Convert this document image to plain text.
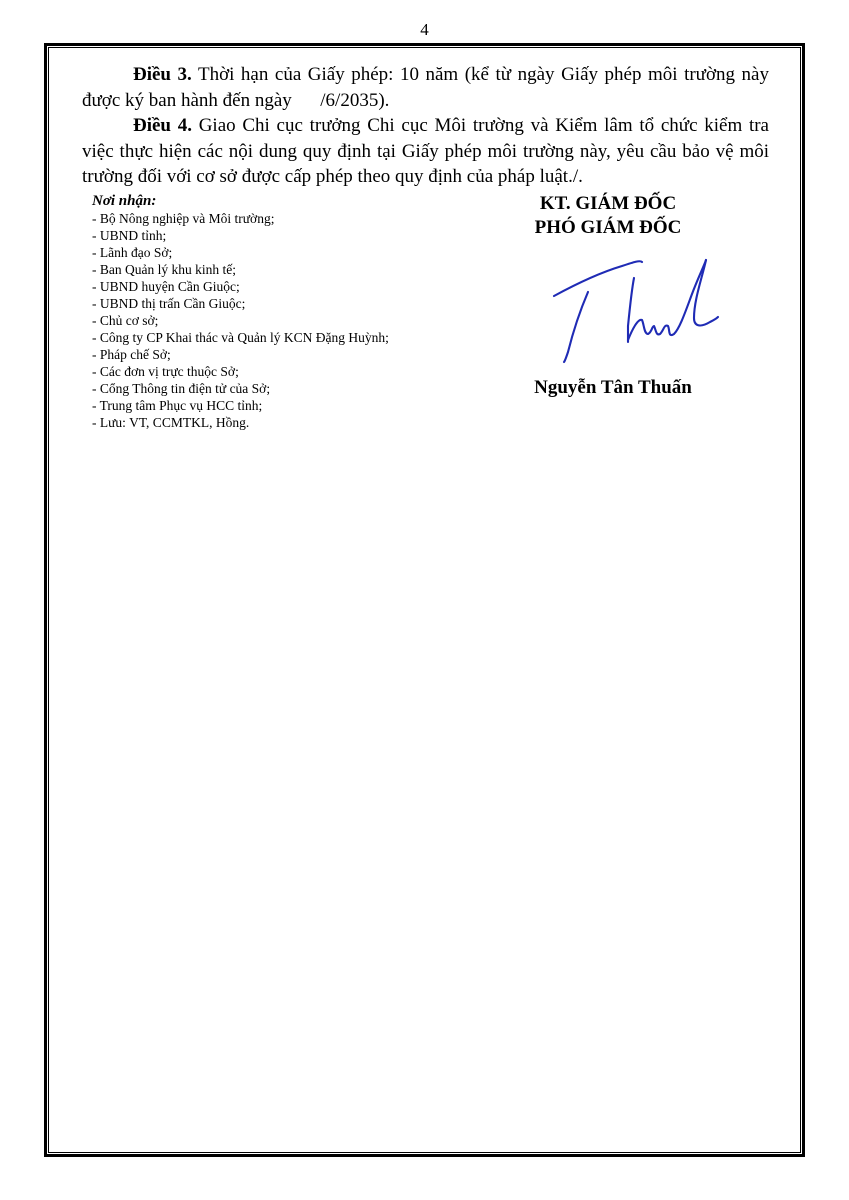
4

Điều 3. Thời hạn của Giấy phép: 10 năm (kể từ ngày Giấy phép môi trường này được ký ban hành đến ngày      /6/2035).

Điều 4. Giao Chi cục trưởng Chi cục Môi trường và Kiểm lâm tổ chức kiểm tra việc thực hiện các nội dung quy định tại Giấy phép môi trường này, yêu cầu bảo vệ môi trường đối với cơ sở được cấp phép theo quy định của pháp luật./.

Nơi nhận:
- Bộ Nông nghiệp và Môi trường;
- UBND tỉnh;
- Lãnh đạo Sở;
- Ban Quản lý khu kinh tế;
- UBND huyện Cần Giuộc;
- UBND thị trấn Cần Giuộc;
- Chủ cơ sở;
- Công ty CP Khai thác và Quản lý KCN Đặng Huỳnh;
- Pháp chế Sở;
- Các đơn vị trực thuộc Sở;
- Cổng Thông tin điện tử của Sở;
- Trung tâm Phục vụ HCC tỉnh;
- Lưu: VT, CCMTKL, Hồng.
KT. GIÁM ĐỐC
PHÓ GIÁM ĐỐC
Nguyễn Tân Thuấn
